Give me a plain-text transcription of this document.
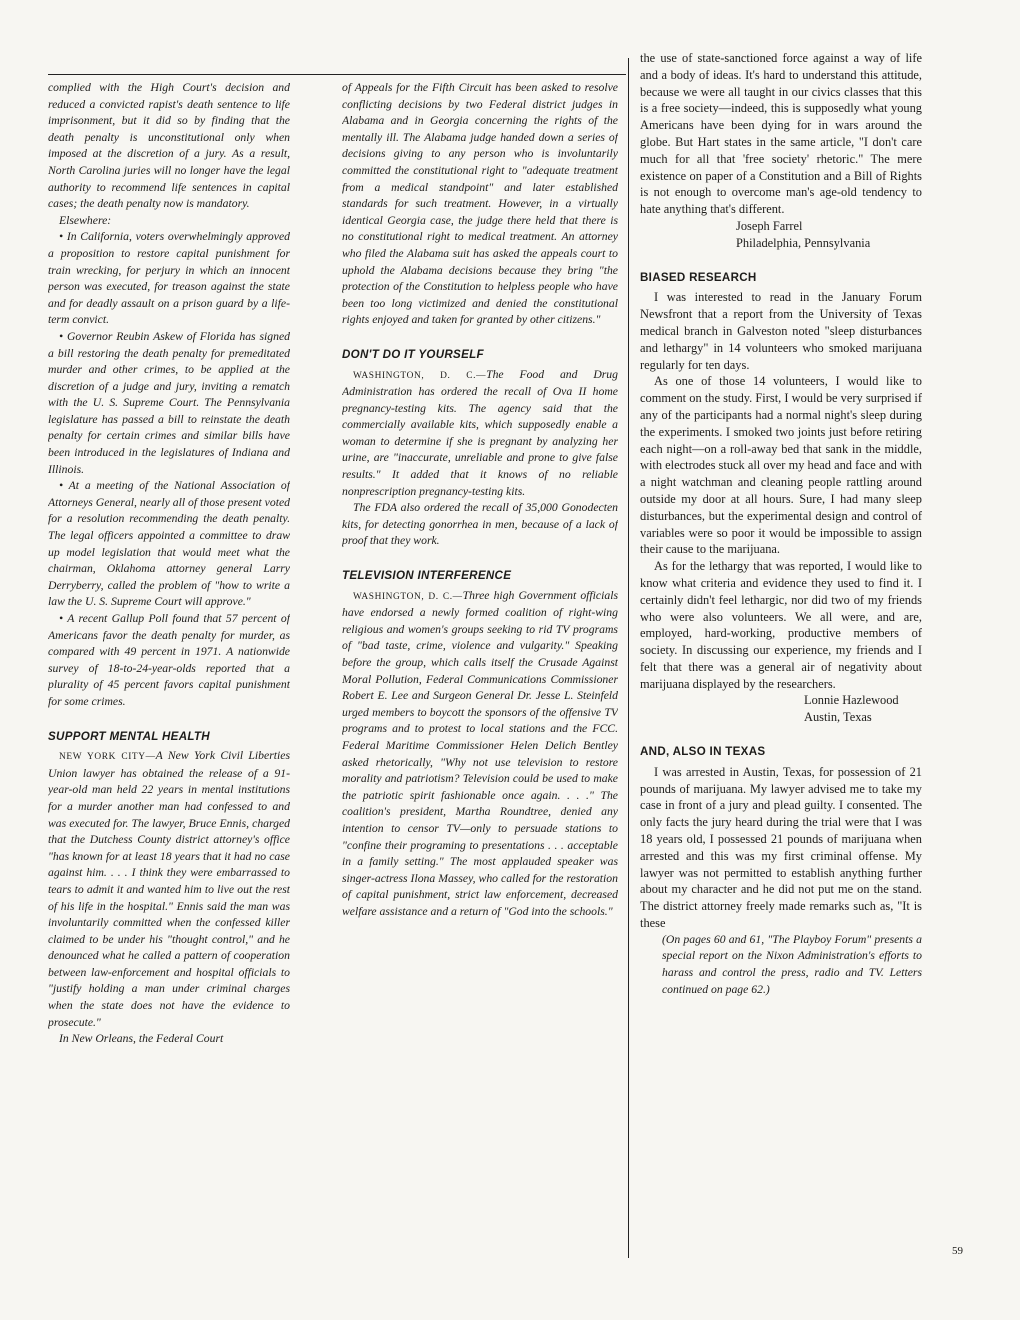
complied with the High Court's decision and reduced a convicted rapist's death sentence to life imprisonment, but it did so by finding that the death penalty is unconstitutional only when imposed at the discretion of a jury. As a result, North Carolina juries will no longer have the legal authority to recommend life sentences in capital cases; the death penalty now is mandatory.

Elsewhere:

• In California, voters overwhelmingly approved a proposition to restore capital punishment for train wrecking, for perjury in which an innocent person was executed, for treason against the state and for deadly assault on a prison guard by a life-term convict.

• Governor Reubin Askew of Florida has signed a bill restoring the death penalty for premeditated murder and other crimes, to be applied at the discretion of a judge and jury, inviting a rematch with the U. S. Supreme Court. The Pennsylvania legislature has passed a bill to reinstate the death penalty for certain crimes and similar bills have been introduced in the legislatures of Indiana and Illinois.

• At a meeting of the National Association of Attorneys General, nearly all of those present voted for a resolution recommending the death penalty. The legal officers appointed a committee to draw up model legislation that would meet what the chairman, Oklahoma attorney general Larry Derryberry, called the problem of "how to write a law the U. S. Supreme Court will approve."

• A recent Gallup Poll found that 57 percent of Americans favor the death penalty for murder, as compared with 49 percent in 1971. A nationwide survey of 18-to-24-year-olds reported that a plurality of 45 percent favors capital punishment for some crimes.

SUPPORT MENTAL HEALTH

NEW YORK CITY—A New York Civil Liberties Union lawyer has obtained the release of a 91-year-old man held 22 years in mental institutions for a murder another man had confessed to and was executed for. The lawyer, Bruce Ennis, charged that the Dutchess County district attorney's office "has known for at least 18 years that it had no case against him. . . . I think they were embarrassed to tears to admit it and wanted him to live out the rest of his life in the hospital." Ennis said the man was involuntarily committed when the confessed killer claimed to be under his "thought control," and he denounced what he called a pattern of cooperation between law-enforcement and hospital officials to "justify holding a man under criminal charges when the state does not have the evidence to prosecute."

In New Orleans, the Federal Court

of Appeals for the Fifth Circuit has been asked to resolve conflicting decisions by two Federal district judges in Alabama and in Georgia concerning the rights of the mentally ill. The Alabama judge handed down a series of decisions giving to any person who is involuntarily committed the constitutional right to "adequate treatment from a medical standpoint" and later established standards for such treatment. However, in a virtually identical Georgia case, the judge there held that there is no constitutional right to medical treatment. An attorney who filed the Alabama suit has asked the appeals court to uphold the Alabama decisions because they bring "the protection of the Constitution to helpless people who have been too long victimized and denied the constitutional rights enjoyed and taken for granted by other citizens."

DON'T DO IT YOURSELF

WASHINGTON, D. C.—The Food and Drug Administration has ordered the recall of Ova II home pregnancy-testing kits. The agency said that the commercially available kits, which supposedly enable a woman to determine if she is pregnant by analyzing her urine, are "inaccurate, unreliable and prone to give false results." It added that it knows of no reliable nonprescription pregnancy-testing kits.

The FDA also ordered the recall of 35,000 Gonodecten kits, for detecting gonorrhea in men, because of a lack of proof that they work.

TELEVISION INTERFERENCE

WASHINGTON, D. C.—Three high Government officials have endorsed a newly formed coalition of right-wing religious and women's groups seeking to rid TV programs of "bad taste, crime, violence and vulgarity." Speaking before the group, which calls itself the Crusade Against Moral Pollution, Federal Communications Commissioner Robert E. Lee and Surgeon General Dr. Jesse L. Steinfeld urged members to boycott the sponsors of the offensive TV programs and to protest to local stations and the FCC. Federal Maritime Commissioner Helen Delich Bentley asked rhetorically, "Why not use television to restore morality and patriotism? Television could be used to make the patriotic spirit fashionable once again. . . ." The coalition's president, Martha Roundtree, denied any intention to censor TV—only to persuade stations to "confine their programing to presentations . . . acceptable in a family setting." The most applauded speaker was singer-actress Ilona Massey, who called for the restoration of capital punishment, strict law enforcement, decreased welfare assistance and a return of "God into the schools."

the use of state-sanctioned force against a way of life and a body of ideas. It's hard to understand this attitude, because we were all taught in our civics classes that this is a free society—indeed, this is supposedly what young Americans have been dying for in wars around the globe. But Hart states in the same article, "I don't care much for all that 'free society' rhetoric." The mere existence on paper of a Constitution and a Bill of Rights is not enough to overcome man's age-old tendency to hate anything that's different.

Joseph Farrel

Philadelphia, Pennsylvania

BIASED RESEARCH

I was interested to read in the January Forum Newsfront that a report from the University of Texas medical branch in Galveston noted "sleep disturbances and lethargy" in 14 volunteers who smoked marijuana regularly for ten days.

As one of those 14 volunteers, I would like to comment on the study. First, I would be very surprised if any of the participants had a normal night's sleep during the experiments. I smoked two joints just before retiring each night—on a roll-away bed that sank in the middle, with electrodes stuck all over my head and face and with a night watchman and cleaning people rattling around outside my door at all hours. Sure, I had many sleep disturbances, but the experimental design and control of variables were so poor it would be impossible to assign their cause to the marijuana.

As for the lethargy that was reported, I would like to know what criteria and evidence they used to find it. I certainly didn't feel lethargic, nor did two of my friends who were also volunteers. We all were, and are, employed, hard-working, productive members of society. In discussing our experience, my friends and I felt that there was a general air of negativity about marijuana displayed by the researchers.

Lonnie Hazlewood

Austin, Texas

AND, ALSO IN TEXAS

I was arrested in Austin, Texas, for possession of 21 pounds of marijuana. My lawyer advised me to take my case in front of a jury and plead guilty. I consented. The only facts the jury heard during the trial were that I was 18 years old, I possessed 21 pounds of marijuana when arrested and this was my first criminal offense. My lawyer was not permitted to establish anything further about my character and he did not put me on the stand. The district attorney freely made remarks such as, "It is these

(On pages 60 and 61, "The Playboy Forum" presents a special report on the Nixon Administration's efforts to harass and control the press, radio and TV. Letters continued on page 62.)

59
